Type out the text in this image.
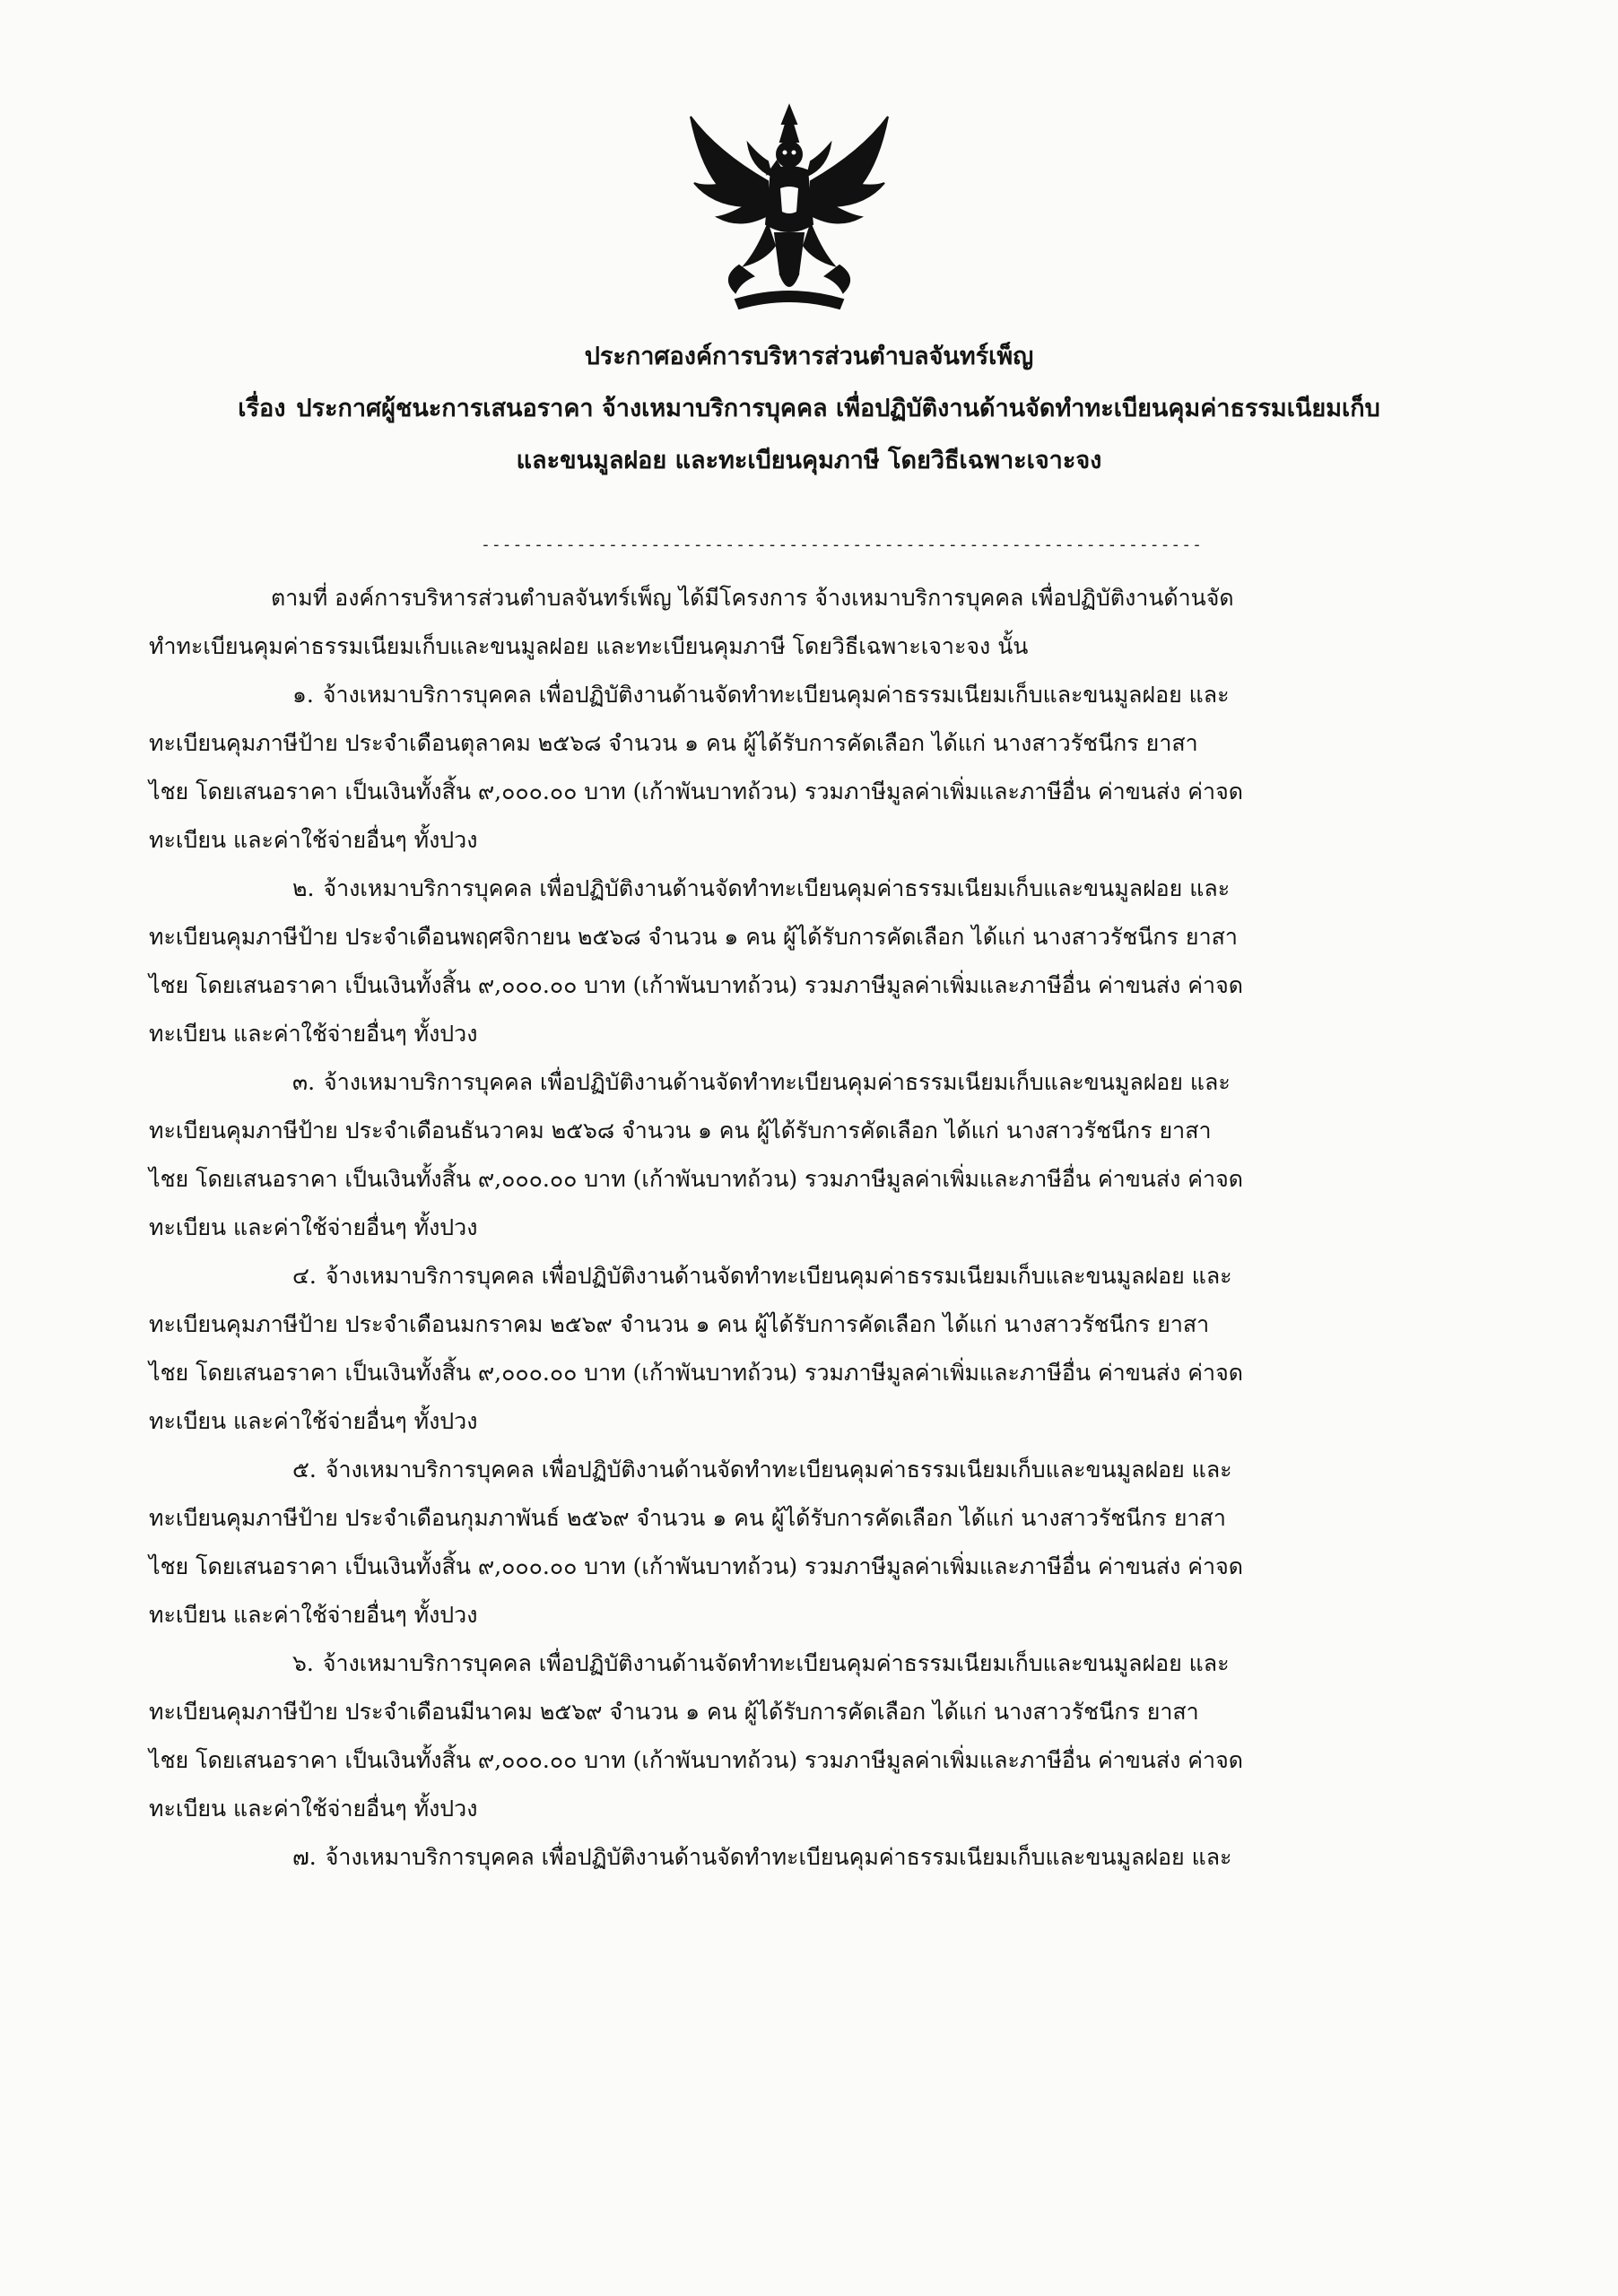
ประกาศองค์การบริหารส่วนตำบลจันทร์เพ็ญ
เรื่อง ประกาศผู้ชนะการเสนอราคา จ้างเหมาบริการบุคคล เพื่อปฏิบัติงานด้านจัดทำทะเบียนคุมค่าธรรมเนียมเก็บ
และขนมูลฝอย และทะเบียนคุมภาษี โดยวิธีเฉพาะเจาะจง
--------------------------------------------------------------------

ตามที่ องค์การบริหารส่วนตำบลจันทร์เพ็ญ ได้มีโครงการ จ้างเหมาบริการบุคคล เพื่อปฏิบัติงานด้านจัด
ทำทะเบียนคุมค่าธรรมเนียมเก็บและขนมูลฝอย และทะเบียนคุมภาษี โดยวิธีเฉพาะเจาะจง นั้น

๑. จ้างเหมาบริการบุคคล เพื่อปฏิบัติงานด้านจัดทำทะเบียนคุมค่าธรรมเนียมเก็บและขนมูลฝอย และ
ทะเบียนคุมภาษีป้าย ประจำเดือนตุลาคม ๒๕๖๘ จำนวน ๑ คน ผู้ได้รับการคัดเลือก ได้แก่ นางสาวรัชนีกร ยาสา
ไชย โดยเสนอราคา เป็นเงินทั้งสิ้น ๙,๐๐๐.๐๐ บาท (เก้าพันบาทถ้วน) รวมภาษีมูลค่าเพิ่มและภาษีอื่น ค่าขนส่ง ค่าจด
ทะเบียน และค่าใช้จ่ายอื่นๆ ทั้งปวง

๒. จ้างเหมาบริการบุคคล เพื่อปฏิบัติงานด้านจัดทำทะเบียนคุมค่าธรรมเนียมเก็บและขนมูลฝอย และ
ทะเบียนคุมภาษีป้าย ประจำเดือนพฤศจิกายน ๒๕๖๘ จำนวน ๑ คน ผู้ได้รับการคัดเลือก ได้แก่ นางสาวรัชนีกร ยาสา
ไชย โดยเสนอราคา เป็นเงินทั้งสิ้น ๙,๐๐๐.๐๐ บาท (เก้าพันบาทถ้วน) รวมภาษีมูลค่าเพิ่มและภาษีอื่น ค่าขนส่ง ค่าจด
ทะเบียน และค่าใช้จ่ายอื่นๆ ทั้งปวง

๓. จ้างเหมาบริการบุคคล เพื่อปฏิบัติงานด้านจัดทำทะเบียนคุมค่าธรรมเนียมเก็บและขนมูลฝอย และ
ทะเบียนคุมภาษีป้าย ประจำเดือนธันวาคม ๒๕๖๘ จำนวน ๑ คน ผู้ได้รับการคัดเลือก ได้แก่ นางสาวรัชนีกร ยาสา
ไชย โดยเสนอราคา เป็นเงินทั้งสิ้น ๙,๐๐๐.๐๐ บาท (เก้าพันบาทถ้วน) รวมภาษีมูลค่าเพิ่มและภาษีอื่น ค่าขนส่ง ค่าจด
ทะเบียน และค่าใช้จ่ายอื่นๆ ทั้งปวง

๔. จ้างเหมาบริการบุคคล เพื่อปฏิบัติงานด้านจัดทำทะเบียนคุมค่าธรรมเนียมเก็บและขนมูลฝอย และ
ทะเบียนคุมภาษีป้าย ประจำเดือนมกราคม ๒๕๖๙ จำนวน ๑ คน ผู้ได้รับการคัดเลือก ได้แก่ นางสาวรัชนีกร ยาสา
ไชย โดยเสนอราคา เป็นเงินทั้งสิ้น ๙,๐๐๐.๐๐ บาท (เก้าพันบาทถ้วน) รวมภาษีมูลค่าเพิ่มและภาษีอื่น ค่าขนส่ง ค่าจด
ทะเบียน และค่าใช้จ่ายอื่นๆ ทั้งปวง

๕. จ้างเหมาบริการบุคคล เพื่อปฏิบัติงานด้านจัดทำทะเบียนคุมค่าธรรมเนียมเก็บและขนมูลฝอย และ
ทะเบียนคุมภาษีป้าย ประจำเดือนกุมภาพันธ์ ๒๕๖๙ จำนวน ๑ คน ผู้ได้รับการคัดเลือก ได้แก่ นางสาวรัชนีกร ยาสา
ไชย โดยเสนอราคา เป็นเงินทั้งสิ้น ๙,๐๐๐.๐๐ บาท (เก้าพันบาทถ้วน) รวมภาษีมูลค่าเพิ่มและภาษีอื่น ค่าขนส่ง ค่าจด
ทะเบียน และค่าใช้จ่ายอื่นๆ ทั้งปวง

๖. จ้างเหมาบริการบุคคล เพื่อปฏิบัติงานด้านจัดทำทะเบียนคุมค่าธรรมเนียมเก็บและขนมูลฝอย และ
ทะเบียนคุมภาษีป้าย ประจำเดือนมีนาคม ๒๕๖๙ จำนวน ๑ คน ผู้ได้รับการคัดเลือก ได้แก่ นางสาวรัชนีกร ยาสา
ไชย โดยเสนอราคา เป็นเงินทั้งสิ้น ๙,๐๐๐.๐๐ บาท (เก้าพันบาทถ้วน) รวมภาษีมูลค่าเพิ่มและภาษีอื่น ค่าขนส่ง ค่าจด
ทะเบียน และค่าใช้จ่ายอื่นๆ ทั้งปวง

๗. จ้างเหมาบริการบุคคล เพื่อปฏิบัติงานด้านจัดทำทะเบียนคุมค่าธรรมเนียมเก็บและขนมูลฝอย และ
